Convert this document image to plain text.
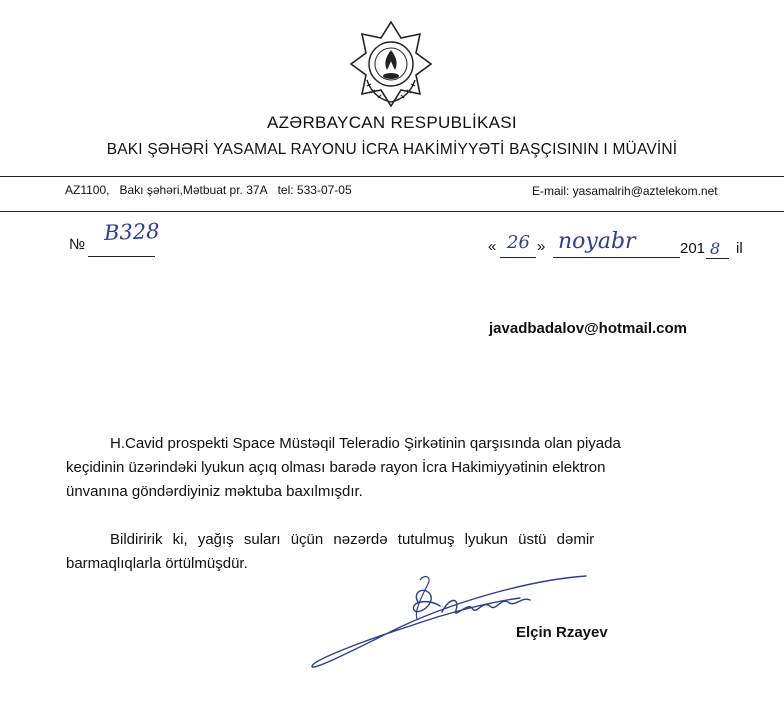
AZƏRBAYCAN RESPUBLİKASI
BAKI ŞƏHƏRİ YASAMAL RAYONU İCRA HAKİMİYYƏTİ BAŞÇISININ I MÜAVİNİ
AZ1100, Bakı şəhəri,Mətbuat pr. 37A tel: 533-07-05	E-mail: yasamalrih@aztelekom.net
№ B328
« 26 » noyabr	201 8 il
javadbadalov@hotmail.com
H.Cavid prospekti Space Müstəqil Teleradio Şirkətinin qarşısında olan piyada
keçidinin üzərindəki lyukun açıq olması barədə rayon İcra Hakimiyyətinin elektron
ünvanına göndərdiyiniz məktuba baxılmışdır.
Bildiririk ki, yağış suları üçün nəzərdə tutulmuş lyukun üstü dəmir
barmaqlıqlarla örtülmüşdür.
Elçin Rzayev
